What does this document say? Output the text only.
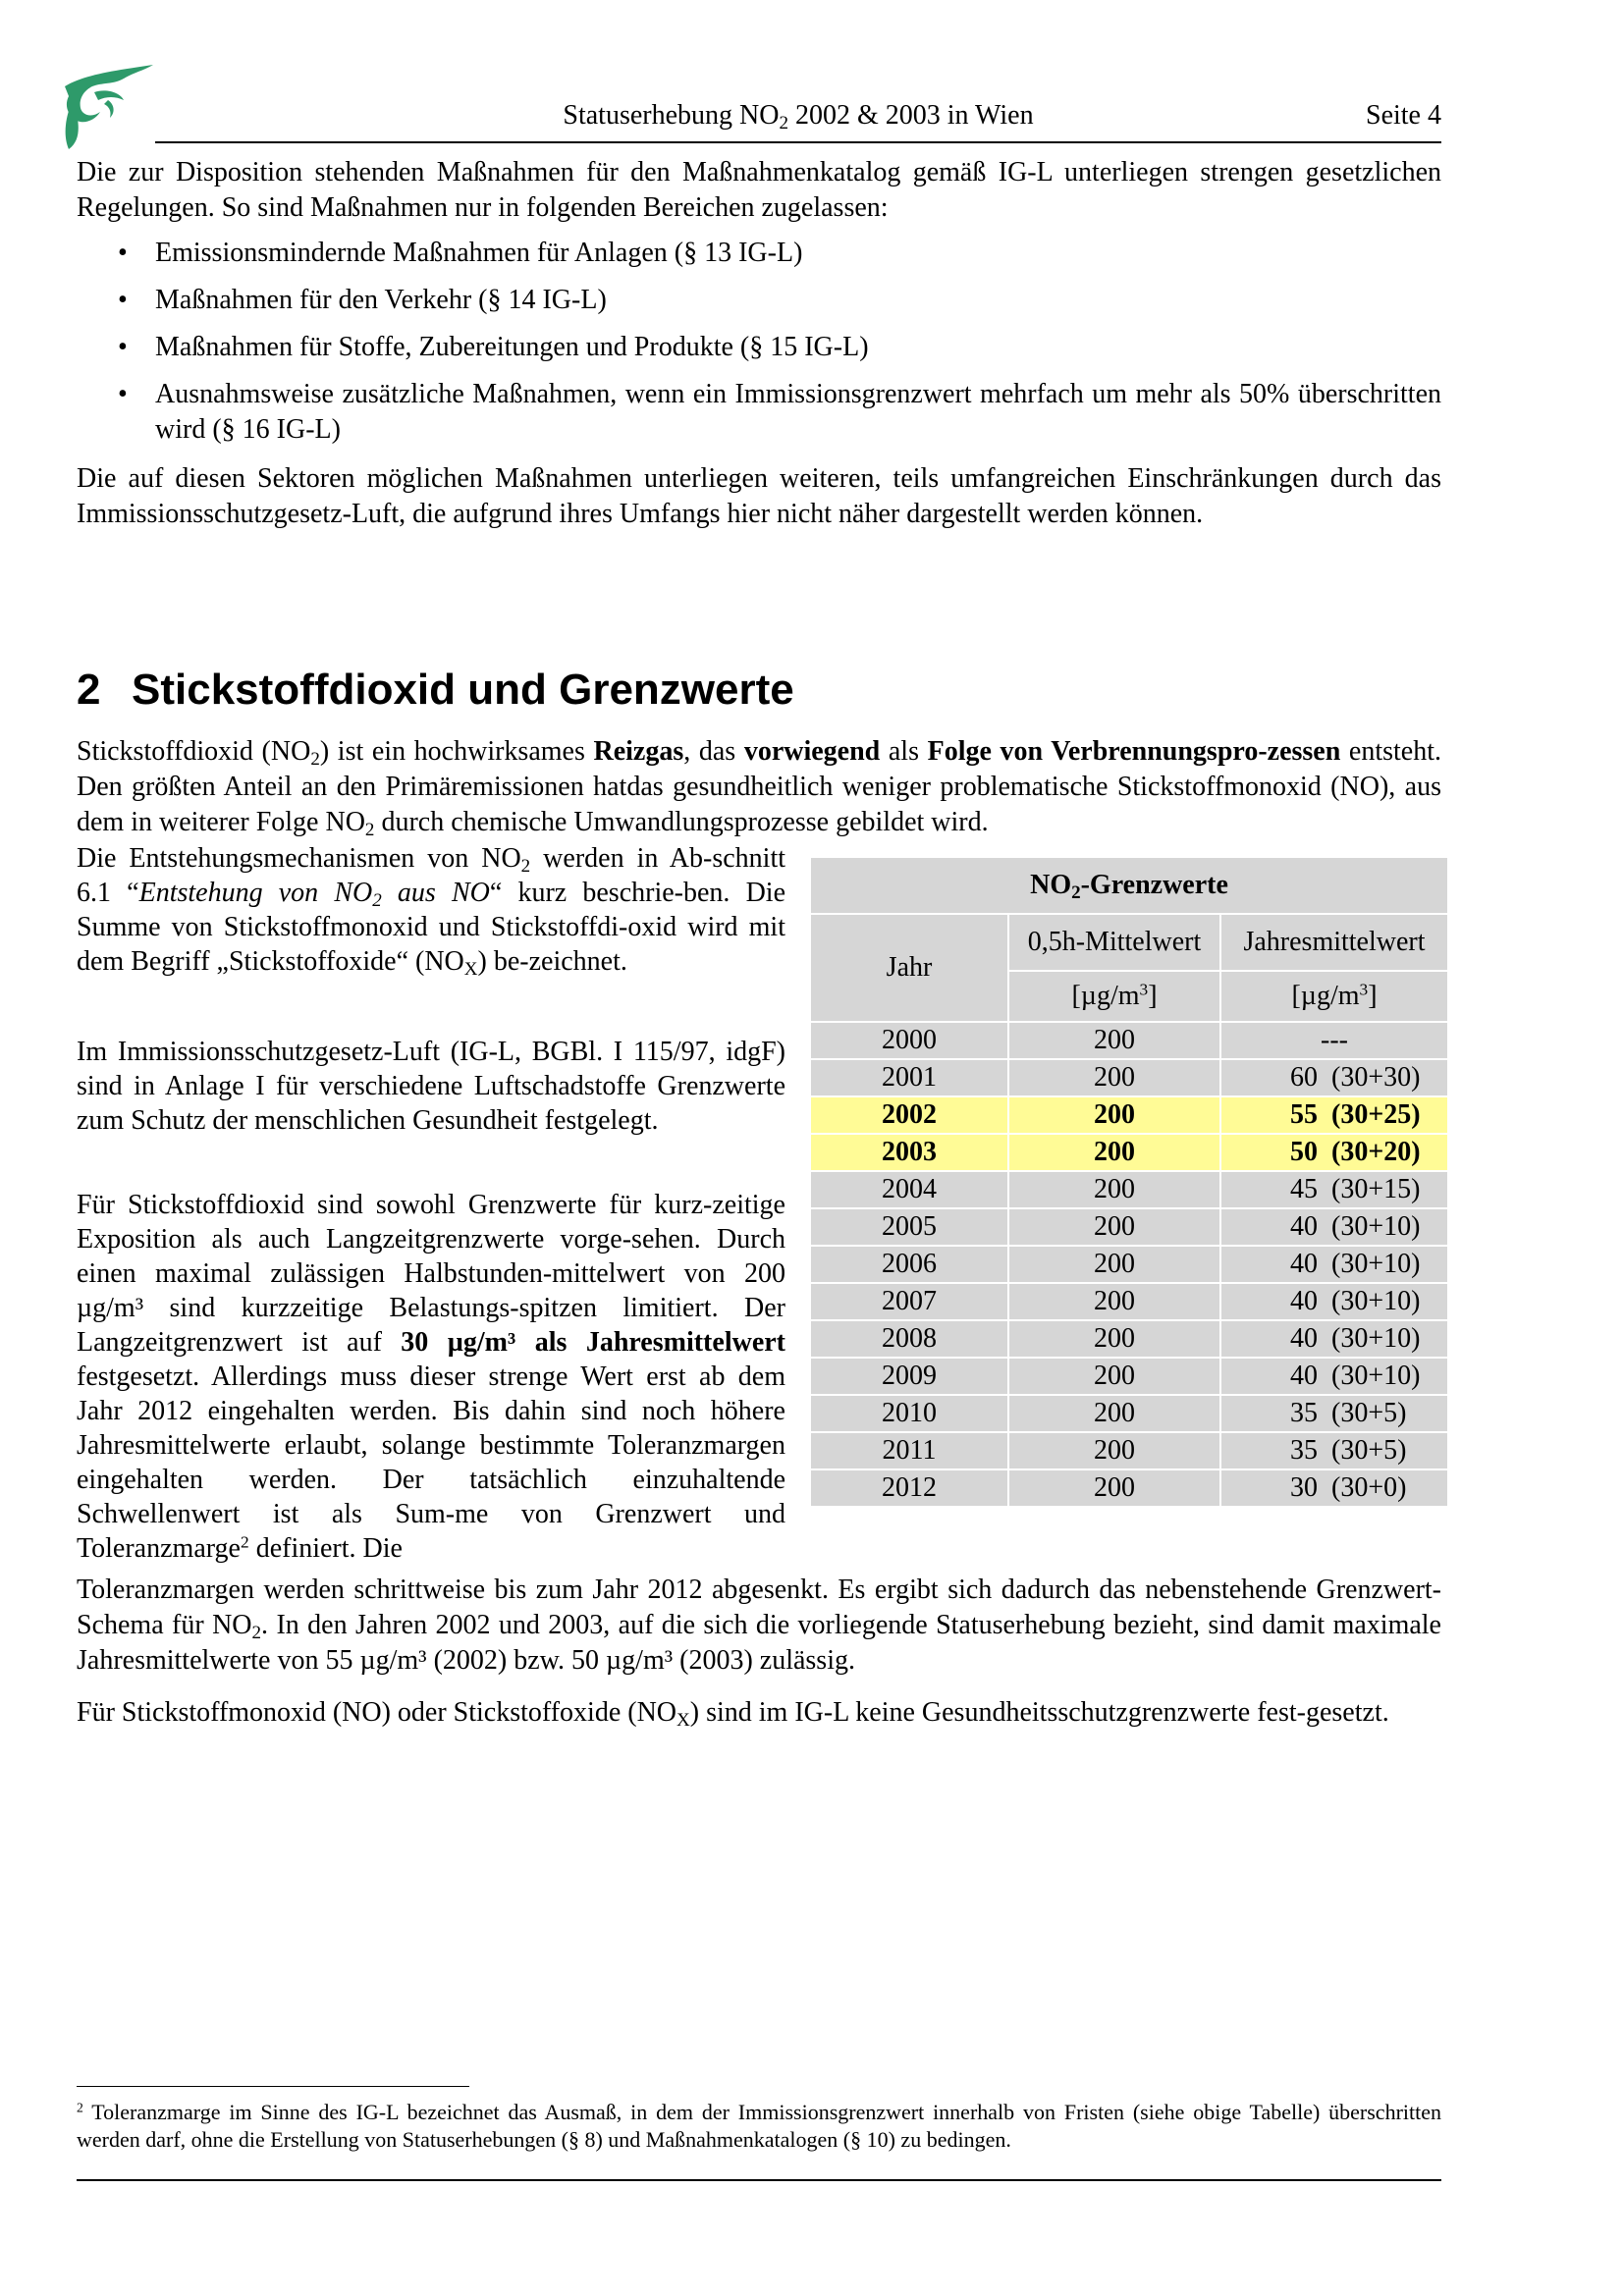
Statuserhebung $NO_2$ 2002 & 2003 in Wien	Seite 4

Die zur Disposition stehenden Maßnahmen für den Maßnahmenkatalog gemäß IG-L unterliegen strengen gesetzlichen Regelungen. So sind Maßnahmen nur in folgenden Bereichen zugelassen:

• Emissionsmindernde Maßnahmen für Anlagen (§ 13 IG-L)
• Maßnahmen für den Verkehr (§ 14 IG-L)
• Maßnahmen für Stoffe, Zubereitungen und Produkte (§ 15 IG-L)
• Ausnahmsweise zusätzliche Maßnahmen, wenn ein Immissionsgrenzwert mehrfach um mehr als 50% überschritten wird (§ 16 IG-L)

Die auf diesen Sektoren möglichen Maßnahmen unterliegen weiteren, teils umfangreichen Einschränkungen durch das Immissionsschutzgesetz-Luft, die aufgrund ihres Umfangs hier nicht näher dargestellt werden können.

2 Stickstoffdioxid und Grenzwerte

Stickstoffdioxid $(NO_2)$ ist ein hochwirksames Reizgas, das vorwiegend als Folge von Verbrennungspro-zessen entsteht. Den größten Anteil an den Primäremissionen hatdas gesundheitlich weniger problematische Stickstoffmonoxid (NO), aus dem in weiterer Folge $NO_2$ durch chemische Umwandlungsprozesse gebildet wird.

Die Entstehungsmechanismen von $NO_2$ werden in Ab-schnitt 6.1 “Entstehung von $NO_2$ aus NO“ kurz beschrie-ben. Die Summe von Stickstoffmonoxid und Stickstoffdi-oxid wird mit dem Begriff „Stickstoffoxide“ $(NO_X)$ be-zeichnet.

Im Immissionsschutzgesetz-Luft (IG-L, BGBl. I 115/97, idgF) sind in Anlage I für verschiedene Luftschadstoffe Grenzwerte zum Schutz der menschlichen Gesundheit festgelegt.

Für Stickstoffdioxid sind sowohl Grenzwerte für kurz-zeitige Exposition als auch Langzeitgrenzwerte vorge-sehen. Durch einen maximal zulässigen Halbstunden-mittelwert von 200 µg/m³ sind kurzzeitige Belastungs-spitzen limitiert. Der Langzeitgrenzwert ist auf 30 µg/m³ als Jahresmittelwert festgesetzt. Allerdings muss dieser strenge Wert erst ab dem Jahr 2012 eingehalten werden. Bis dahin sind noch höhere Jahresmittelwerte erlaubt, solange bestimmte Toleranzmargen eingehalten werden. Der tatsächlich einzuhaltende Schwellenwert ist als Sum-me von Grenzwert und Toleranzmarge$^2$ definiert. Die

Toleranzmargen werden schrittweise bis zum Jahr 2012 abgesenkt. Es ergibt sich dadurch das nebenstehende Grenzwert-Schema für $NO_2$. In den Jahren 2002 und 2003, auf die sich die vorliegende Statuserhebung bezieht, sind damit maximale Jahresmittelwerte von 55 µg/m³ (2002) bzw. 50 µg/m³ (2003) zulässig.

Für Stickstoffmonoxid (NO) oder Stickstoffoxide $(NO_X)$ sind im IG-L keine Gesundheitsschutzgrenzwerte fest-gesetzt.

$NO_2$-Grenzwerte		
Jahr	0,5h-Mittelwert	Jahresmittelwert
	$[\mu g/m^3]$	$[\mu g/m^3]$
2000	200	---
2001	200	60  (30+30)
2002	200	55  (30+25)
2003	200	50  (30+20)
2004	200	45  (30+15)
2005	200	40  (30+10)
2006	200	40  (30+10)
2007	200	40  (30+10)
2008	200	40  (30+10)
2009	200	40  (30+10)
2010	200	35  (30+5)
2011	200	35  (30+5)
2012	200	30  (30+0)
$^2$ Toleranzmarge im Sinne des IG-L bezeichnet das Ausmaß, in dem der Immissionsgrenzwert innerhalb von Fristen (siehe obige Tabelle) überschritten werden darf, ohne die Erstellung von Statuserhebungen (§ 8) und Maßnahmenkatalogen (§ 10) zu bedingen.
